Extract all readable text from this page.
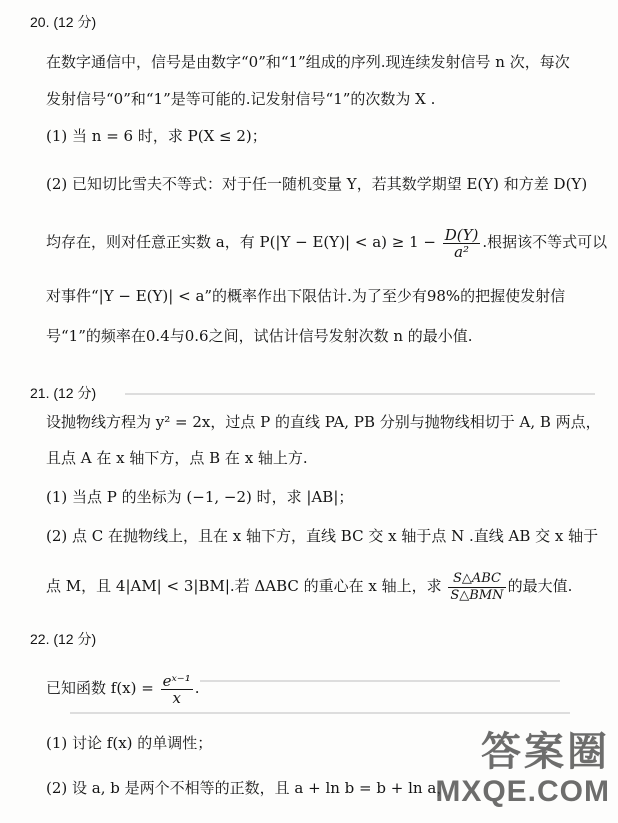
20. (12 分)
在数字通信中，信号是由数字“0”和“1”组成的序列.现连续发射信号 n 次，每次
发射信号“0”和“1”是等可能的.记发射信号“1”的次数为 X .
(1) 当 n = 6 时，求 P(X ≤ 2)；
(2) 已知切比雪夫不等式：对于任一随机变量 Y，若其数学期望 E(Y) 和方差 D(Y)
均存在，则对任意正实数 a，有 $P(|Y - E(Y)| < a) \ge 1 - \frac{D(Y)}{\text{a²}}$ .根据该不等式可以
对事件“|Y − E(Y)| < a”的概率作出下限估计.为了至少有98%的把握使发射信
号“1”的频率在0.4与0.6之间，试估计信号发射次数 n 的最小值.
21. (12 分)
设抛物线方程为 y² = 2x，过点 P 的直线 PA, PB 分别与抛物线相切于 A, B 两点，
且点 A 在 x 轴下方，点 B 在 x 轴上方.
(1) 当点 P 的坐标为 (−1, −2) 时，求 |AB|；
(2) 点 C 在抛物线上，且在 x 轴下方，直线 BC 交 x 轴于点 N .直线 AB 交 x 轴于
点 M，且 4|AM| < 3|BM|.若 ΔABC 的重心在 x 轴上，求 $\frac{\text{S△ABC}}{\text{S△BMN}}$ 的最大值.
22. (12 分)
已知函数 $f(x) = \frac{\text{eˣ⁻¹}}{x}$ .
(1) 讨论 f(x) 的单调性；
(2) 设 a, b 是两个不相等的正数，且 a + ln b = b + ln a，
答案圈
MXQE.COM
